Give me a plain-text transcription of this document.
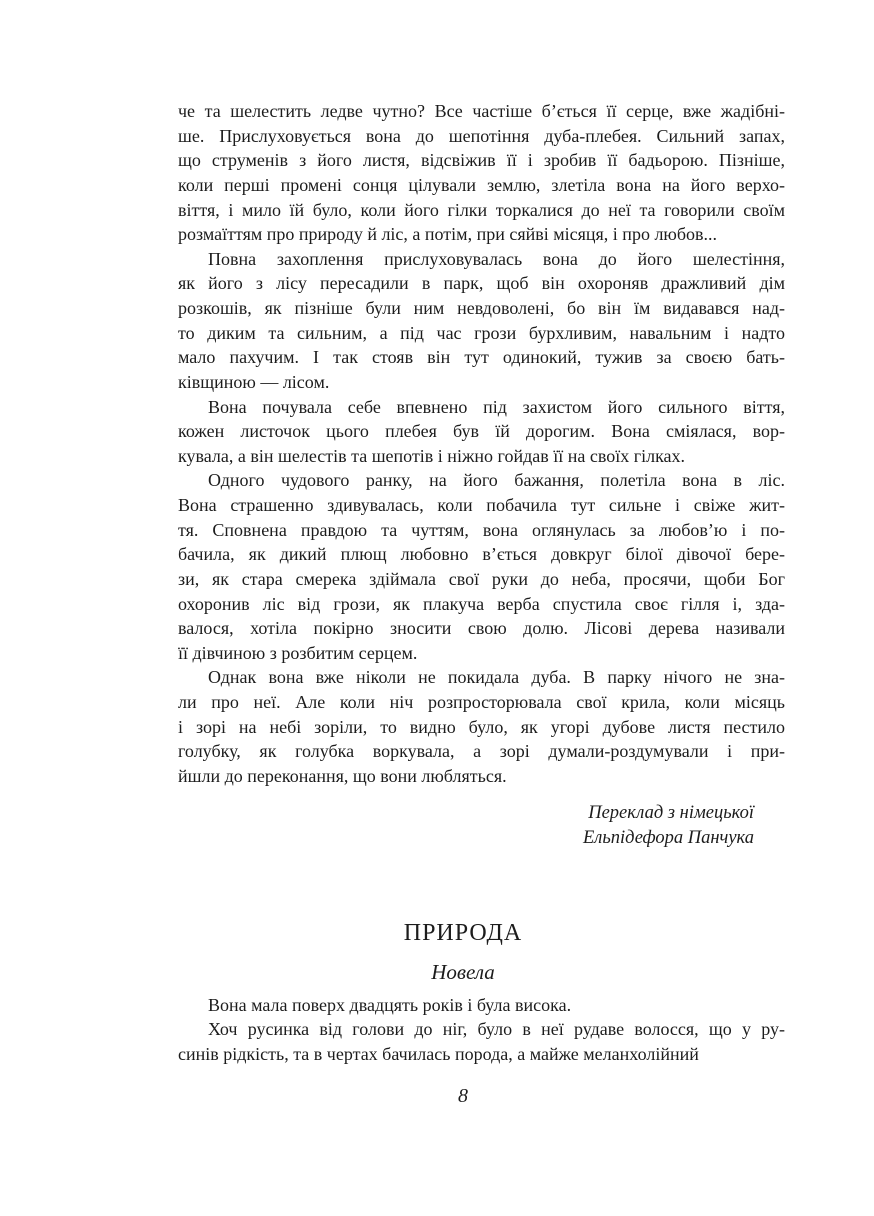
че та шелестить ледве чутно? Все частіше б’ється її серце, вже жадібні-
ше. Прислуховується вона до шепотіння дуба-плебея. Сильний запах,
що струменів з його листя, відсвіжив її і зробив її бадьорою. Пізніше,
коли перші промені сонця цілували землю, злетіла вона на його верхо-
віття, і мило їй було, коли його гілки торкалися до неї та говорили своїм
розмаїттям про природу й ліс, а потім, при сяйві місяця, і про любов...
Повна захоплення прислуховувалась вона до його шелестіння,
як його з лісу пересадили в парк, щоб він охороняв дражливий дім
розкошів, як пізніше були ним невдоволені, бо він їм видавався над-
то диким та сильним, а під час грози бурхливим, навальним і надто
мало пахучим. І так стояв він тут одинокий, тужив за своєю бать-
ківщиною — лісом.
Вона почувала себе впевнено під захистом його сильного віття,
кожен листочок цього плебея був їй дорогим. Вона сміялася, вор-
кувала, а він шелестів та шепотів і ніжно гойдав її на своїх гілках.
Одного чудового ранку, на його бажання, полетіла вона в ліс.
Вона страшенно здивувалась, коли побачила тут сильне і свіже жит-
тя. Сповнена правдою та чуттям, вона оглянулась за любов’ю і по-
бачила, як дикий плющ любовно в’ється довкруг білої дівочої бере-
зи, як стара смерека здіймала свої руки до неба, просячи, щоби Бог
охоронив ліс від грози, як плакуча верба спустила своє гілля і, зда-
валося, хотіла покірно зносити свою долю. Лісові дерева називали
її дівчиною з розбитим серцем.
Однак вона вже ніколи не покидала дуба. В парку нічого не зна-
ли про неї. Але коли ніч розпросторювала свої крила, коли місяць
і зорі на небі зоріли, то видно було, як угорі дубове листя пестило
голубку, як голубка воркувала, а зорі думали-роздумували і при-
йшли до переконання, що вони любляться.
Переклад з німецької
Ельпідефора Панчука
ПРИРОДА
Новела
Вона мала поверх двадцять років і була висока.
Хоч русинка від голови до ніг, було в неї рудаве волосся, що у ру-
синів рідкість, та в чертах бачилась порода, а майже меланхолійний
8
